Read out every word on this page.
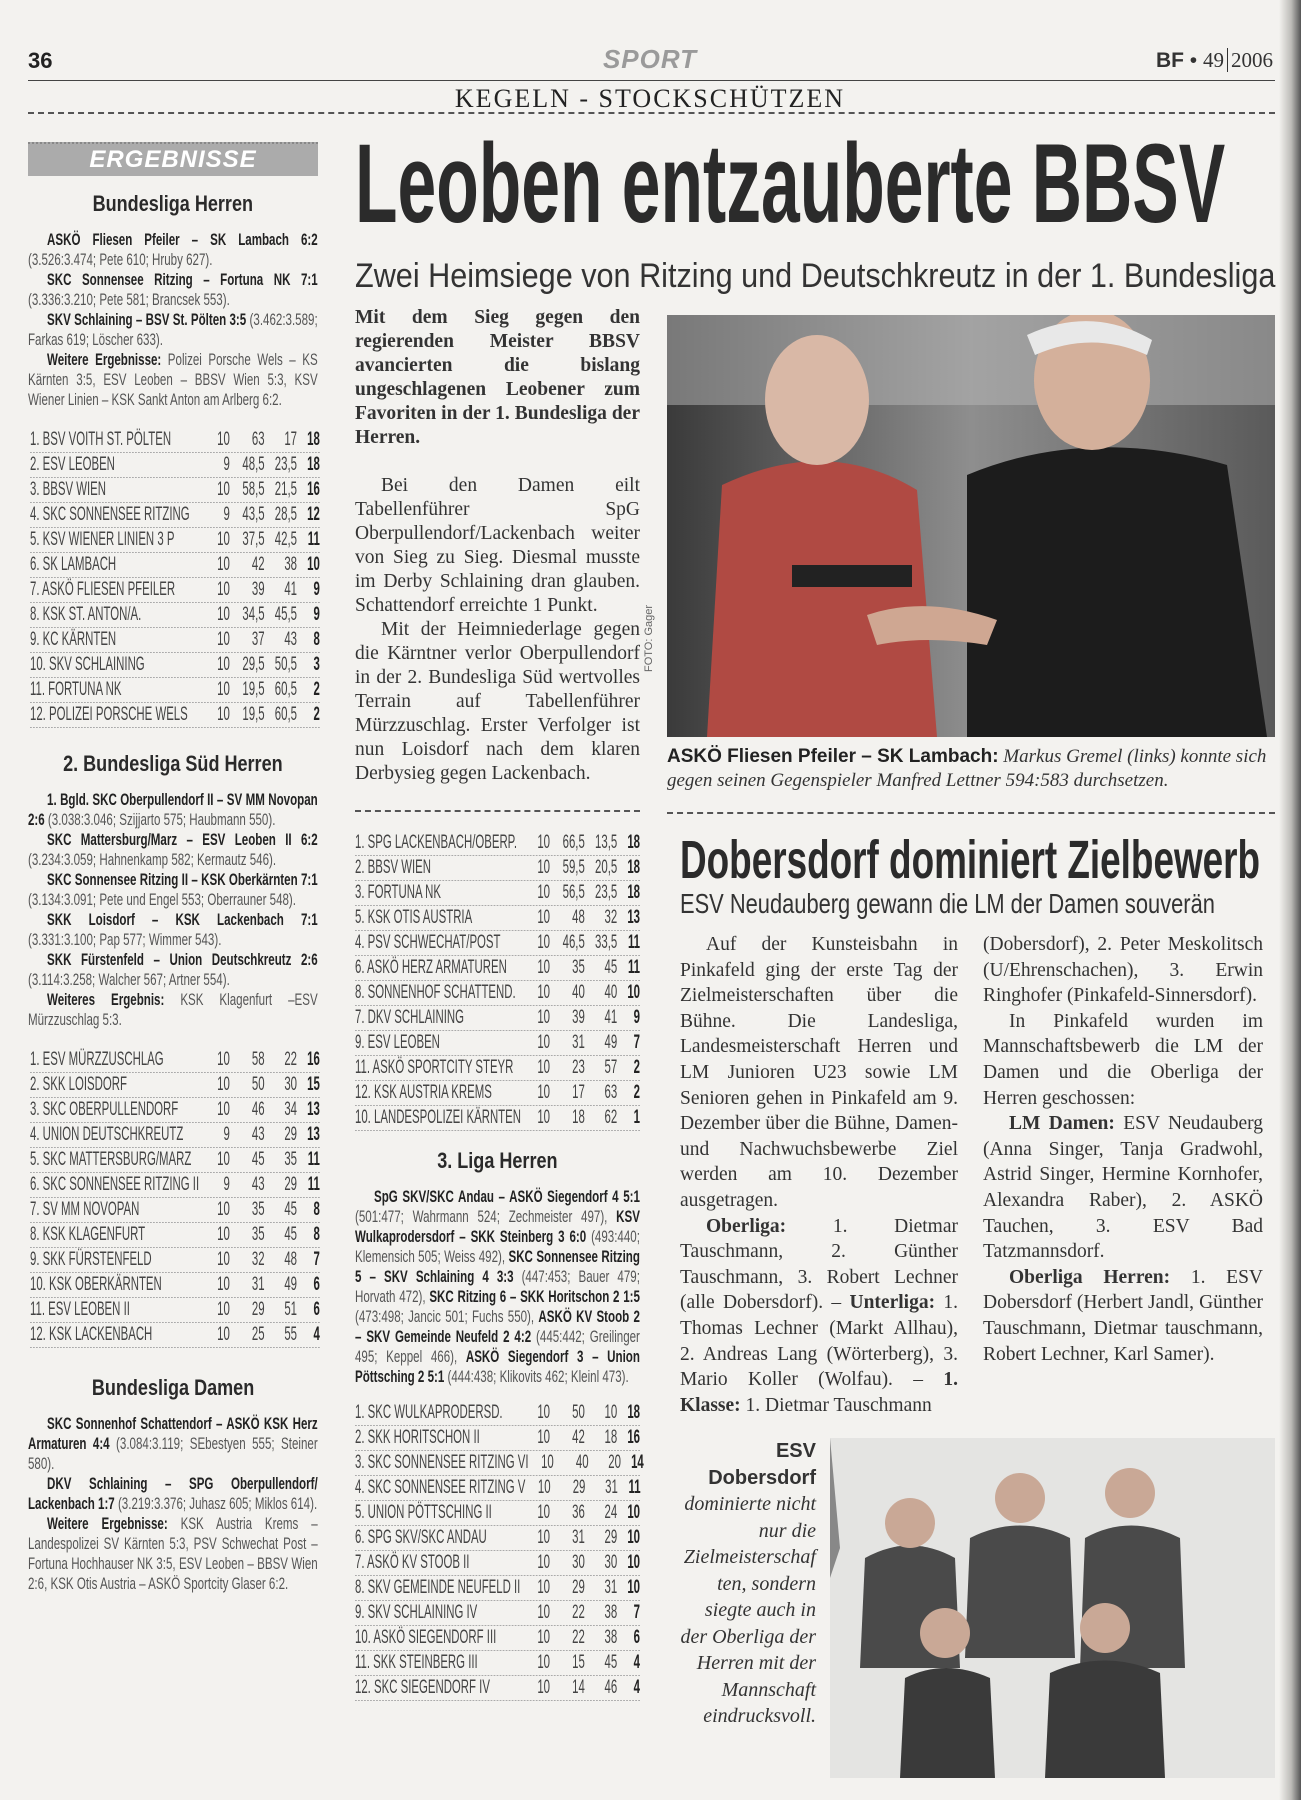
36	SPORT	BF • 49 2006
KEGELN - STOCKSCHÜTZEN
ERGEBNISSE
Bundesliga Herren

ASKÖ Fliesen Pfeiler – SK Lambach 6:2 (3.526:3.474; Pete 610; Hruby 627).

SKC Sonnensee Ritzing – Fortuna NK 7:1 (3.336:3.210; Pete 581; Brancsek 553).

SKV Schlaining – BSV St. Pölten 3:5 (3.462:3.589; Farkas 619; Löscher 633).

Weitere Ergebnisse: Polizei Porsche Wels – KS Kärnten 3:5, ESV Leoben – BBSV Wien 5:3, KSV Wiener Linien – KSK Sankt Anton am Arlberg 6:2.

1. BSV VOITH ST. PÖLTEN	10	63	17 18
2. ESV LEOBEN	9 48,5 23,5 18
3. BBSV WIEN	10 58,5 21,5 16
4. SKC SONNENSEE RITZING	9 43,5 28,5 12
5. KSV WIENER LINIEN 3 P	10 37,5 42,5 11
6. SK LAMBACH	10	42	38 10
7. ASKÖ FLIESEN PFEILER	10	39	41 9
8. KSK ST. ANTON/A.	10 34,5 45,5 9
9. KC KÄRNTEN	10	37	43 8
10. SKV SCHLAINING	10 29,5 50,5 3
11. FORTUNA NK	10 19,5 60,5 2
12. POLIZEI PORSCHE WELS	10 19,5 60,5 2
2. Bundesliga Süd Herren

1. Bgld. SKC Oberpullendorf II – SV MM Novopan 2:6 (3.038:3.046; Szijjarto 575; Haubmann 550).

SKC Mattersburg/Marz – ESV Leoben II 6:2 (3.234:3.059; Hahnenkamp 582; Kermautz 546).

SKC Sonnensee Ritzing II – KSK Oberkärnten 7:1 (3.134:3.091; Pete und Engel 553; Oberrauner 548).

SKK Loisdorf – KSK Lackenbach 7:1 (3.331:3.100; Pap 577; Wimmer 543).

SKK Fürstenfeld – Union Deutschkreutz 2:6 (3.114:3.258; Walcher 567; Artner 554).

Weiteres Ergebnis: KSK Klagenfurt –ESV Mürzzuschlag 5:3.

1. ESV MÜRZZUSCHLAG	10	58	22 16
2. SKK LOISDORF	10	50	30 15
3. SKC OBERPULLENDORF	10	46	34 13
4. UNION DEUTSCHKREUTZ	9	43	29 13
5. SKC MATTERSBURG/MARZ	10	45	35 11
6. SKC SONNENSEE RITZING II	9	43	29 11
7. SV MM NOVOPAN	10	35	45 8
8. KSK KLAGENFURT	10	35	45 8
9. SKK FÜRSTENFELD	10	32	48 7
10. KSK OBERKÄRNTEN	10	31	49 6
11. ESV LEOBEN II	10	29	51 6
12. KSK LACKENBACH	10	25	55 4
Bundesliga Damen

SKC Sonnenhof Schattendorf – ASKÖ KSK Herz Armaturen 4:4 (3.084:3.119; SEbestyen 555; Steiner 580).

DKV Schlaining – SPG Oberpullendorf/ Lackenbach 1:7 (3.219:3.376; Juhasz 605; Miklos 614).

Weitere Ergebnisse: KSK Austria Krems –Landespolizei SV Kärnten 5:3, PSV Schwechat Post – Fortuna Hochhauser NK 3:5, ESV Leoben – BBSV Wien 2:6, KSK Otis Austria – ASKÖ Sportcity Glaser 6:2.

Leoben entzauberte BBSV
Zwei Heimsiege von Ritzing und Deutschkreutz in der 1. Bundesliga

Mit dem Sieg gegen den regierenden Meister BBSV avancierten die bislang ungeschlagenen Leobener zum Favoriten in der 1. Bundesliga der Herren.

Bei den Damen eilt Tabellenführer SpG Oberpullendorf/Lackenbach weiter von Sieg zu Sieg. Diesmal musste im Derby Schlaining dran glauben. Schattendorf erreichte 1 Punkt.

Mit der Heimniederlage gegen die Kärntner verlor Oberpullendorf in der 2. Bundesliga Süd wertvolles Terrain auf Tabellenführer Mürzzuschlag. Erster Verfolger ist nun Loisdorf nach dem klaren Derbysieg gegen Lackenbach.

1. SPG LACKENBACH/OBERP.	10 66,5 13,5 18
2. BBSV WIEN	10 59,5 20,5 18
3. FORTUNA NK	10 56,5 23,5 18
5. KSK OTIS AUSTRIA	10	48	32 13
4. PSV SCHWECHAT/POST	10 46,5 33,5 11
6. ASKÖ HERZ ARMATUREN	10	35	45 11
8. SONNENHOF SCHATTEND.	10	40	40 10
7. DKV SCHLAINING	10	39	41 9
9. ESV LEOBEN	10	31	49 7
11. ASKÖ SPORTCITY STEYR	10	23	57 2
12. KSK AUSTRIA KREMS	10	17	63 2
10. LANDESPOLIZEI KÄRNTEN 10	18	62 1
3. Liga Herren

SpG SKV/SKC Andau – ASKÖ Siegendorf 4 5:1 (501:477; Wahrmann 524; Zechmeister 497), KSV Wulkaprodersdorf – SKK Steinberg 3 6:0 (493:440; Klemensich 505; Weiss 492), SKC Sonnensee Ritzing 5 – SKV Schlaining 4 3:3 (447:453; Bauer 479; Horvath 472), SKC Ritzing 6 – SKK Horitschon 2 1:5 (473:498; Jancic 501; Fuchs 550), ASKÖ KV Stoob 2 – SKV Gemeinde Neufeld 2 4:2 (445:442; Greilinger 495; Keppel 466), ASKÖ Siegendorf 3 – Union Pöttsching 2 5:1 (444:438; Klikovits 462; Kleinl 473).

1. SKC WULKAPRODERSD.	10	50	10 18
2. SKK HORITSCHON II	10	42	18 16
3. SKC SONNENSEE RITZING VI 10	40	20 14
4. SKC SONNENSEE RITZING V 10	29	31 11
5. UNION PÖTTSCHING II	10	36	24 10
6. SPG SKV/SKC ANDAU	10	31	29 10
7. ASKÖ KV STOOB II	10	30	30 10
8. SKV GEMEINDE NEUFELD II 10	29	31 10
9. SKV SCHLAINING IV	10	22	38 7
10. ASKÖ SIEGENDORF III	10	22	38 6
11. SKK STEINBERG III	10	15	45 4
12. SKC SIEGENDORF IV	10	14	46 4
FOTO: Gager
ASKÖ Fliesen Pfeiler – SK Lambach: Markus Gremel (links) konnte sich gegen seinen Gegenspieler Manfred Lettner 594:583 durchsetzen.
Dobersdorf dominiert Zielbewerb
ESV Neudauberg gewann die LM der Damen souverän

Auf der Kunsteisbahn in Pinkafeld ging der erste Tag der Zielmeisterschaften über die Bühne. Die Landesliga, Landesmeisterschaft Herren und LM Junioren U23 sowie LM Senioren gehen in Pinkafeld am 9. Dezember über die Bühne, Damen- und Nachwuchsbewerbe Ziel werden am 10. Dezember ausgetragen.

Oberliga: 1. Dietmar Tauschmann, 2. Günther Tauschmann, 3. Robert Lechner (alle Dobersdorf). – Unterliga: 1. Thomas Lechner (Markt Allhau), 2. Andreas Lang (Wörterberg), 3. Mario Koller (Wolfau). – 1. Klasse: 1. Dietmar Tauschmann

(Dobersdorf), 2. Peter Meskolitsch (U/Ehrenschachen), 3. Erwin Ringhofer (Pinkafeld-Sinnersdorf).

In Pinkafeld wurden im Mannschaftsbewerb die LM der Damen und die Oberliga der Herren geschossen:

LM Damen: ESV Neudauberg (Anna Singer, Tanja Gradwohl, Astrid Singer, Hermine Kornhofer, Alexandra Raber), 2. ASKÖ Tauchen, 3. ESV Bad Tatzmannsdorf.

Oberliga Herren: 1. ESV Dobersdorf (Herbert Jandl, Günther Tauschmann, Dietmar tauschmann, Robert Lechner, Karl Samer).

ESV Dobersdorf dominierte nicht nur die Zielmeisterschaften, sondern siegte auch in der Oberliga der Herren mit der Mannschaft eindrucksvoll.
